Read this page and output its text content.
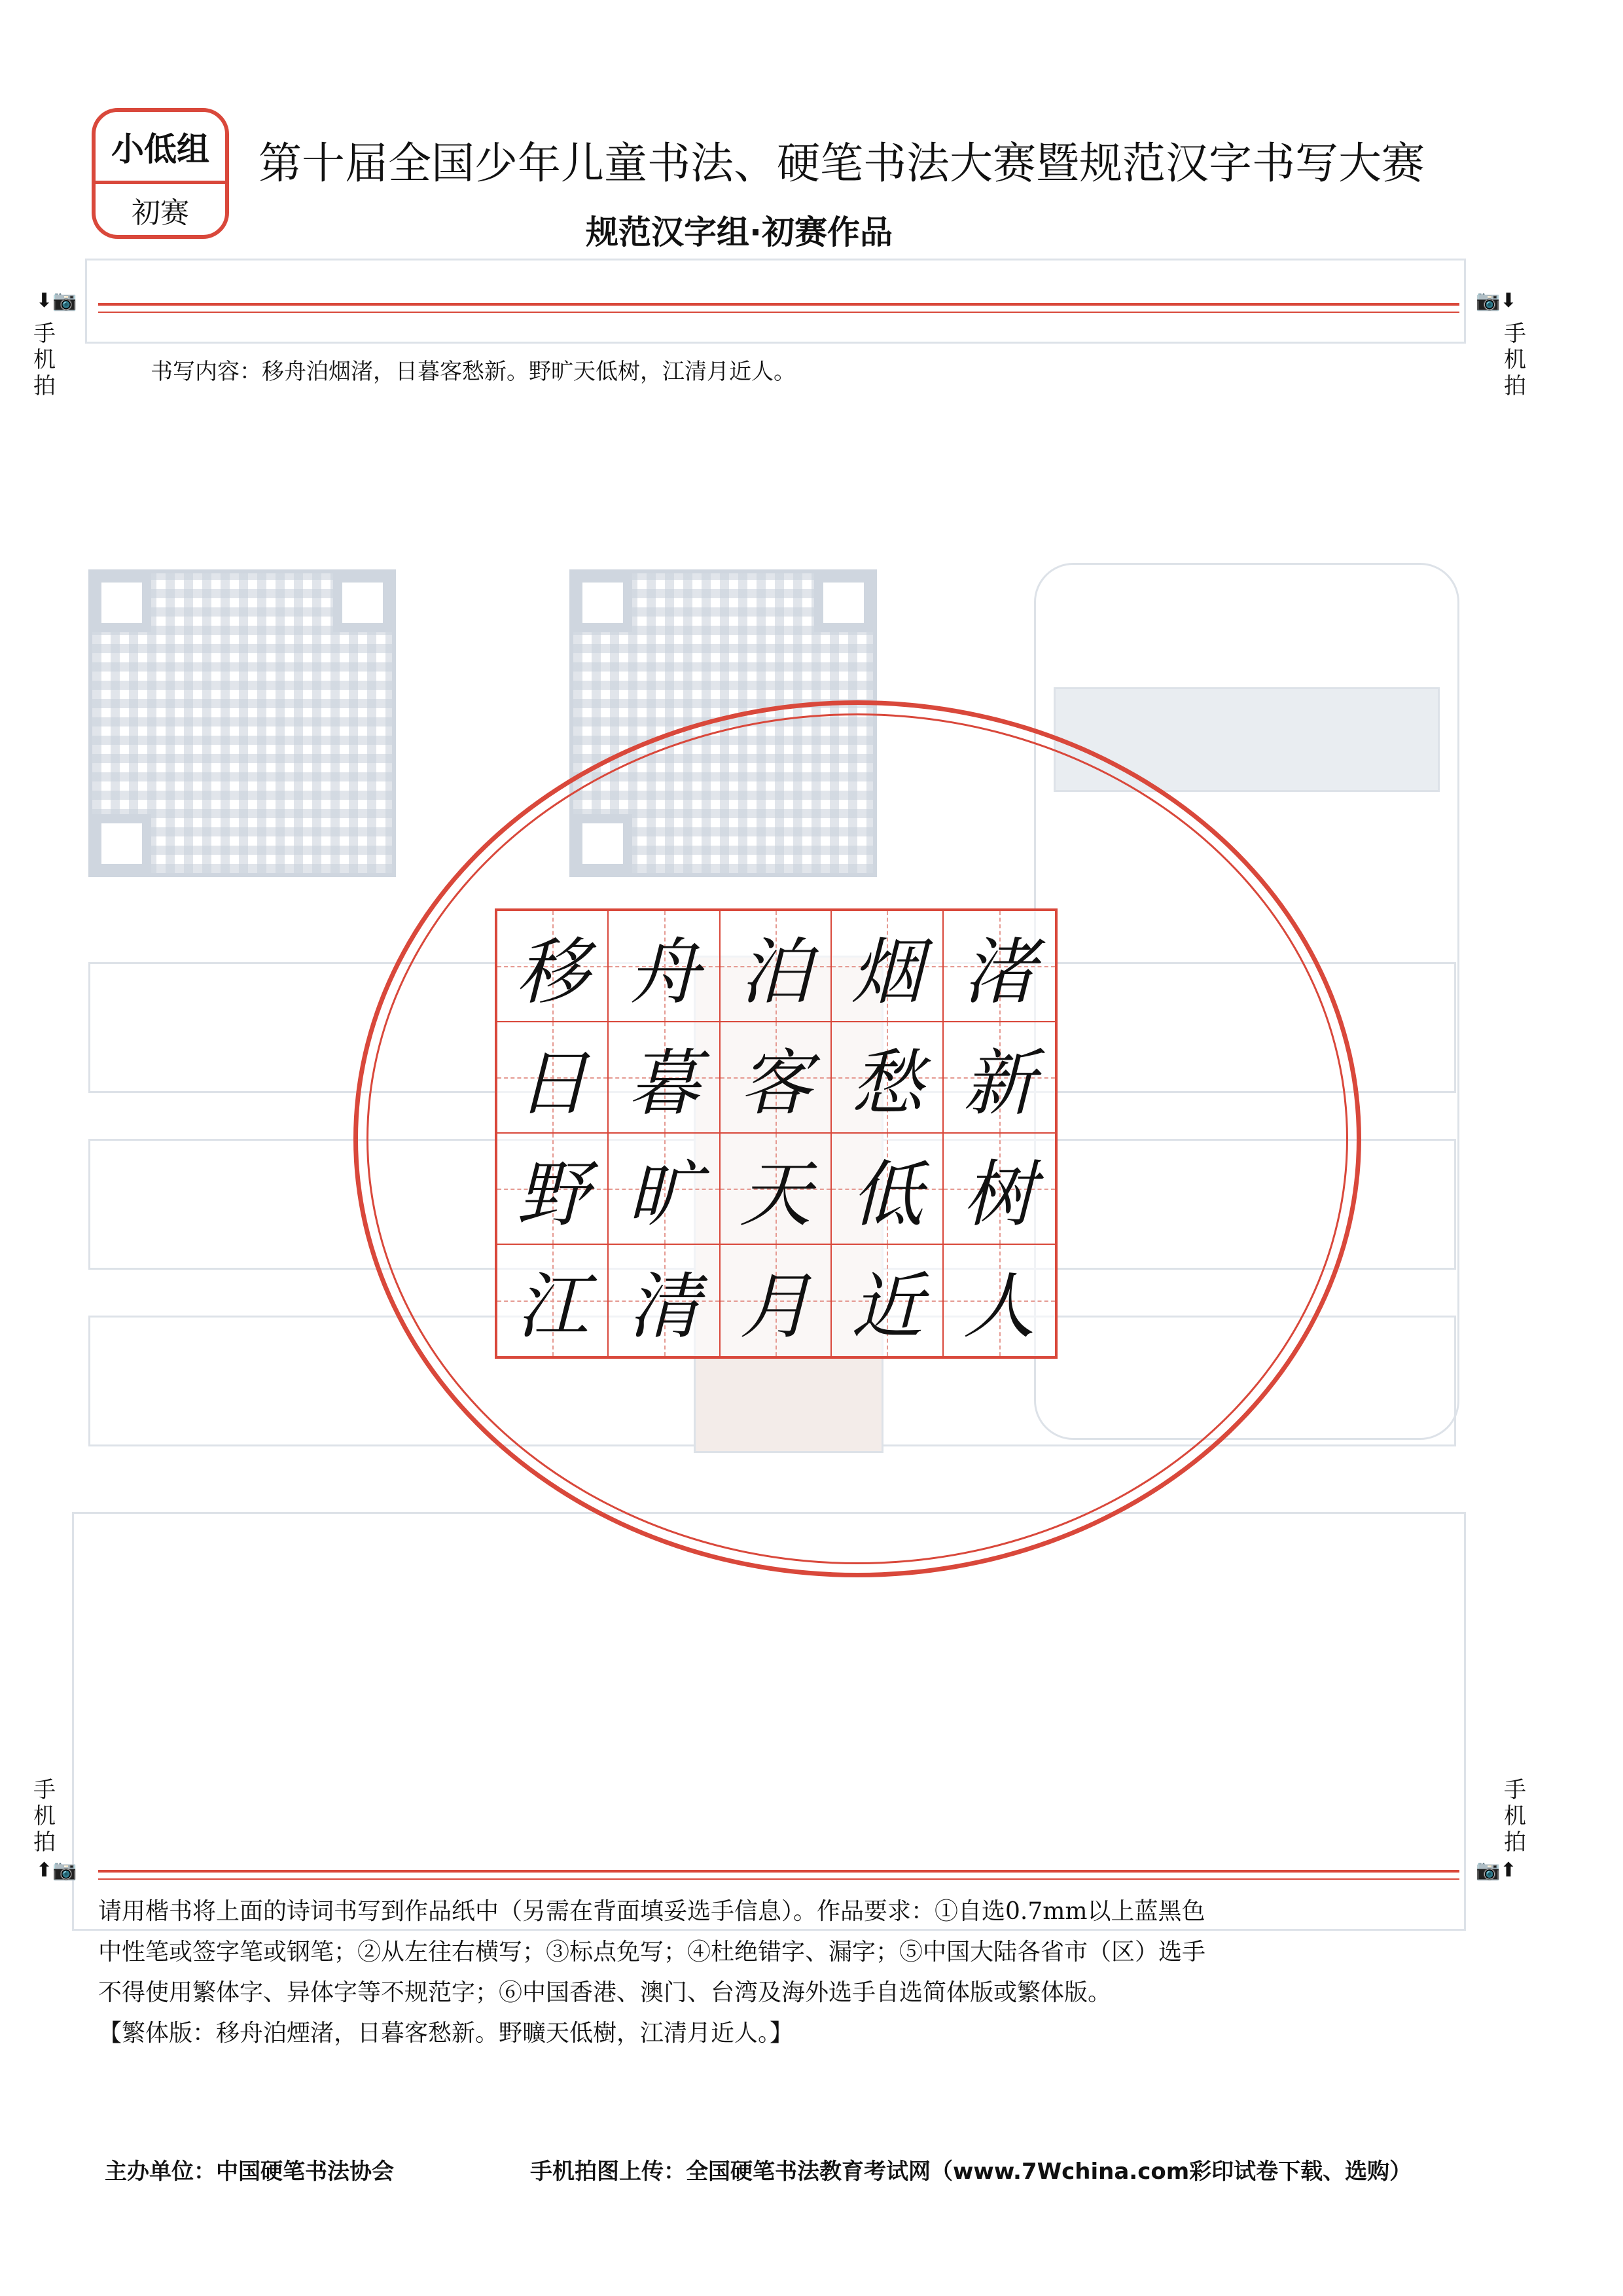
小低组
初赛
第十届全国少年儿童书法、硬笔书法大赛暨规范汉字书写大赛
规范汉字组·初赛作品
⬇📷
手机拍
📷⬇
手机拍
手机拍
⬆📷
手机拍
📷⬆
书写内容：移舟泊烟渚，日暮客愁新。野旷天低树，江清月近人。
移 舟 泊 烟 渚
日 暮 客 愁 新
野 旷 天 低 树
江 清 月 近 人

请用楷书将上面的诗词书写到作品纸中（另需在背面填妥选手信息）。作品要求：①自选0.7mm以上蓝黑色

中性笔或签字笔或钢笔；②从左往右横写；③标点免写；④杜绝错字、漏字；⑤中国大陆各省市（区）选手

不得使用繁体字、异体字等不规范字；⑥中国香港、澳门、台湾及海外选手自选简体版或繁体版。

【繁体版：移舟泊煙渚，日暮客愁新。野曠天低樹，江清月近人。】

主办单位：中国硬笔书法协会	手机拍图上传：全国硬笔书法教育考试网（www.7Wchina.com彩印试卷下载、选购）
